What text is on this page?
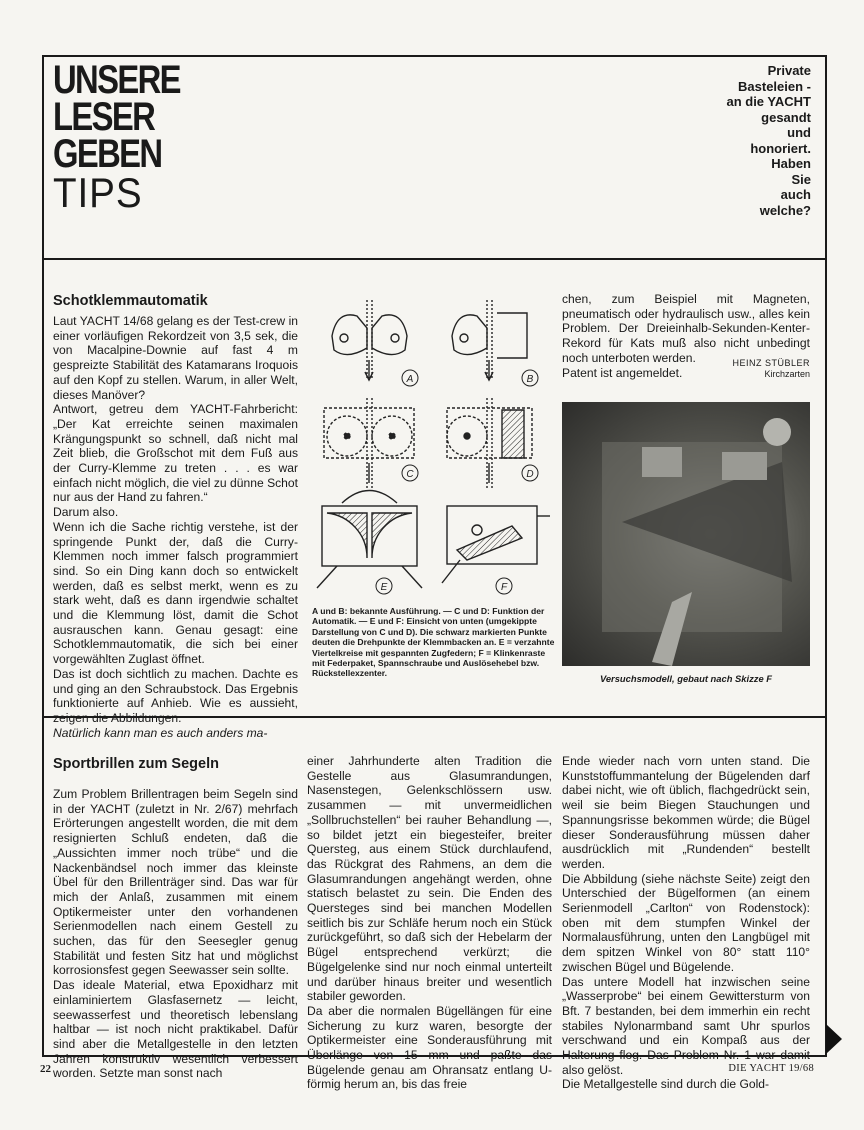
UNSERE
LESER
GEBEN
TIPS

Private
Basteleien -
an die YACHT
gesandt
und
honoriert.
Haben
Sie
auch
welche?

Schotklemmautomatik

Laut YACHT 14/68 gelang es der Test-crew in einer vorläufigen Rekordzeit von 3,5 sek, die von Macalpine-Downie auf fast 4 m gespreizte Stabilität des Katamarans Iroquois auf den Kopf zu stellen. Warum, in aller Welt, dieses Manöver?

Antwort, getreu dem YACHT-Fahrbericht: „Der Kat erreichte seinen maximalen Krängungspunkt so schnell, daß nicht mal Zeit blieb, die Großschot mit dem Fuß aus der Curry-Klemme zu treten . . . es war einfach nicht möglich, die viel zu dünne Schot nur aus der Hand zu fahren.“

Darum also.

Wenn ich die Sache richtig verstehe, ist der springende Punkt der, daß die Curry-Klemmen noch immer falsch programmiert sind. So ein Ding kann doch so entwickelt werden, daß es selbst merkt, wenn es zu stark weht, daß es dann irgendwie schaltet und die Klemmung löst, damit die Schot ausrauschen kann. Genau gesagt: eine Schotklemmautomatik, die sich bei einer vorgewählten Zuglast öffnet.

Das ist doch sichtlich zu machen. Dachte es und ging an den Schraubstock. Das Ergebnis funktionierte auf Anhieb. Wie es aussieht, zeigen die Abbildungen.

Natürlich kann man es auch anders ma-

A	B
C	D
E	F

A und B: bekannte Ausführung. — C und D: Funktion der Automatik. — E und F: Einsicht von unten (umgekippte Darstellung von C und D). Die schwarz markierten Punkte deuten die Drehpunkte der Klemmbacken an. E = verzahnte Viertelkreise mit gespannten Zugfedern; F = Klinkenraste mit Federpaket, Spannschraube und Auslösehebel bzw. Rückstellexzenter.

chen, zum Beispiel mit Magneten, pneumatisch oder hydraulisch usw., alles kein Problem. Der Dreieinhalb-Sekunden-Kenter-Rekord für Kats muß also nicht unbedingt noch unterboten werden.

Patent ist angemeldet.

HEINZ STÜBLER
Kirchzarten

Versuchsmodell, gebaut nach Skizze F

Sportbrillen zum Segeln

Zum Problem Brillentragen beim Segeln sind in der YACHT (zuletzt in Nr. 2/67) mehrfach Erörterungen angestellt worden, die mit dem resignierten Schluß endeten, daß die „Aussichten immer noch trübe“ und die Nackenbändsel noch immer das kleinste Übel für den Brillenträger sind. Das war für mich der Anlaß, zusammen mit einem Optikermeister unter den vorhandenen Serienmodellen nach einem Gestell zu suchen, das für den Seesegler genug Stabilität und festen Sitz hat und möglichst korrosionsfest gegen Seewasser sein sollte.

Das ideale Material, etwa Epoxidharz mit einlaminiertem Glasfasernetz — leicht, seewasserfest und theoretisch lebenslang haltbar — ist noch nicht praktikabel. Dafür sind aber die Metallgestelle in den letzten Jahren konstruktiv wesentlich verbessert worden. Setzte man sonst nach

einer Jahrhunderte alten Tradition die Gestelle aus Glasumrandungen, Nasenstegen, Gelenkschlössern usw. zusammen — mit unvermeidlichen „Sollbruchstellen“ bei rauher Behandlung —, so bildet jetzt ein biegesteifer, breiter Quersteg, aus einem Stück durchlaufend, das Rückgrat des Rahmens, an dem die Glasumrandungen angehängt werden, ohne statisch belastet zu sein. Die Enden des Quersteges sind bei manchen Modellen seitlich bis zur Schläfe herum noch ein Stück zurückgeführt, so daß sich der Hebelarm der Bügel entsprechend verkürzt; die Bügelgelenke sind nur noch einmal unterteilt und darüber hinaus breiter und wesentlich stabiler geworden.

Da aber die normalen Bügellängen für eine Sicherung zu kurz waren, besorgte der Optikermeister eine Sonderausführung mit Überlänge von 15 mm und paßte das Bügelende genau am Ohransatz entlang U-förmig herum an, bis das freie

Ende wieder nach vorn unten stand. Die Kunststoffummantelung der Bügelenden darf dabei nicht, wie oft üblich, flachgedrückt sein, weil sie beim Biegen Stauchungen und Spannungsrisse bekommen würde; die Bügel dieser Sonderausführung müssen daher ausdrücklich mit „Rundenden“ bestellt werden.

Die Abbildung (siehe nächste Seite) zeigt den Unterschied der Bügelformen (an einem Serienmodell „Carlton“ von Rodenstock): oben mit dem stumpfen Winkel der Normalausführung, unten den Langbügel mit dem spitzen Winkel von 80° statt 110° zwischen Bügel und Bügelende.

Das untere Modell hat inzwischen seine „Wasserprobe“ bei einem Gewittersturm von Bft. 7 bestanden, bei dem immerhin ein recht stabiles Nylonarmband samt Uhr spurlos verschwand und ein Kompaß aus der Halterung flog. Das Problem Nr. 1 war damit also gelöst.

Die Metallgestelle sind durch die Gold-

22	DIE YACHT 19/68
